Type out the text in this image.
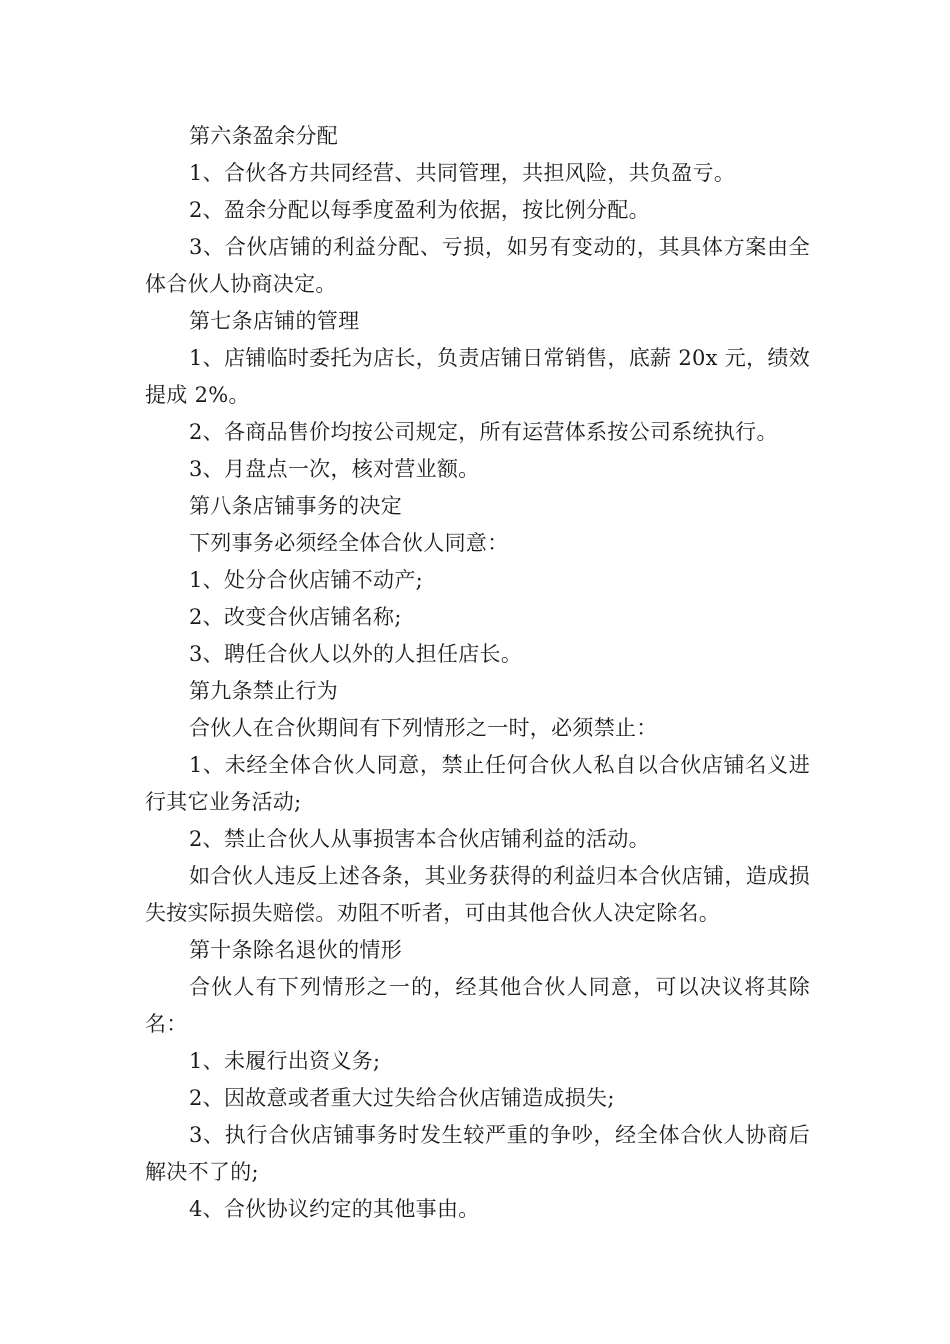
第六条盈余分配

1、合伙各方共同经营、共同管理，共担风险，共负盈亏。

2、盈余分配以每季度盈利为依据，按比例分配。

3、合伙店铺的利益分配、亏损，如另有变动的，其具体方案由全体合伙人协商决定。

第七条店铺的管理

1、店铺临时委托为店长，负责店铺日常销售，底薪 20x 元，绩效提成 2%。

2、各商品售价均按公司规定，所有运营体系按公司系统执行。

3、月盘点一次，核对营业额。

第八条店铺事务的决定

下列事务必须经全体合伙人同意：

1、处分合伙店铺不动产;

2、改变合伙店铺名称;

3、聘任合伙人以外的人担任店长。

第九条禁止行为

合伙人在合伙期间有下列情形之一时，必须禁止：

1、未经全体合伙人同意，禁止任何合伙人私自以合伙店铺名义进行其它业务活动;

2、禁止合伙人从事损害本合伙店铺利益的活动。

如合伙人违反上述各条，其业务获得的利益归本合伙店铺，造成损失按实际损失赔偿。劝阻不听者，可由其他合伙人决定除名。

第十条除名退伙的情形

合伙人有下列情形之一的，经其他合伙人同意，可以决议将其除名：

1、未履行出资义务;

2、因故意或者重大过失给合伙店铺造成损失;

3、执行合伙店铺事务时发生较严重的争吵，经全体合伙人协商后解决不了的;

4、合伙协议约定的其他事由。
